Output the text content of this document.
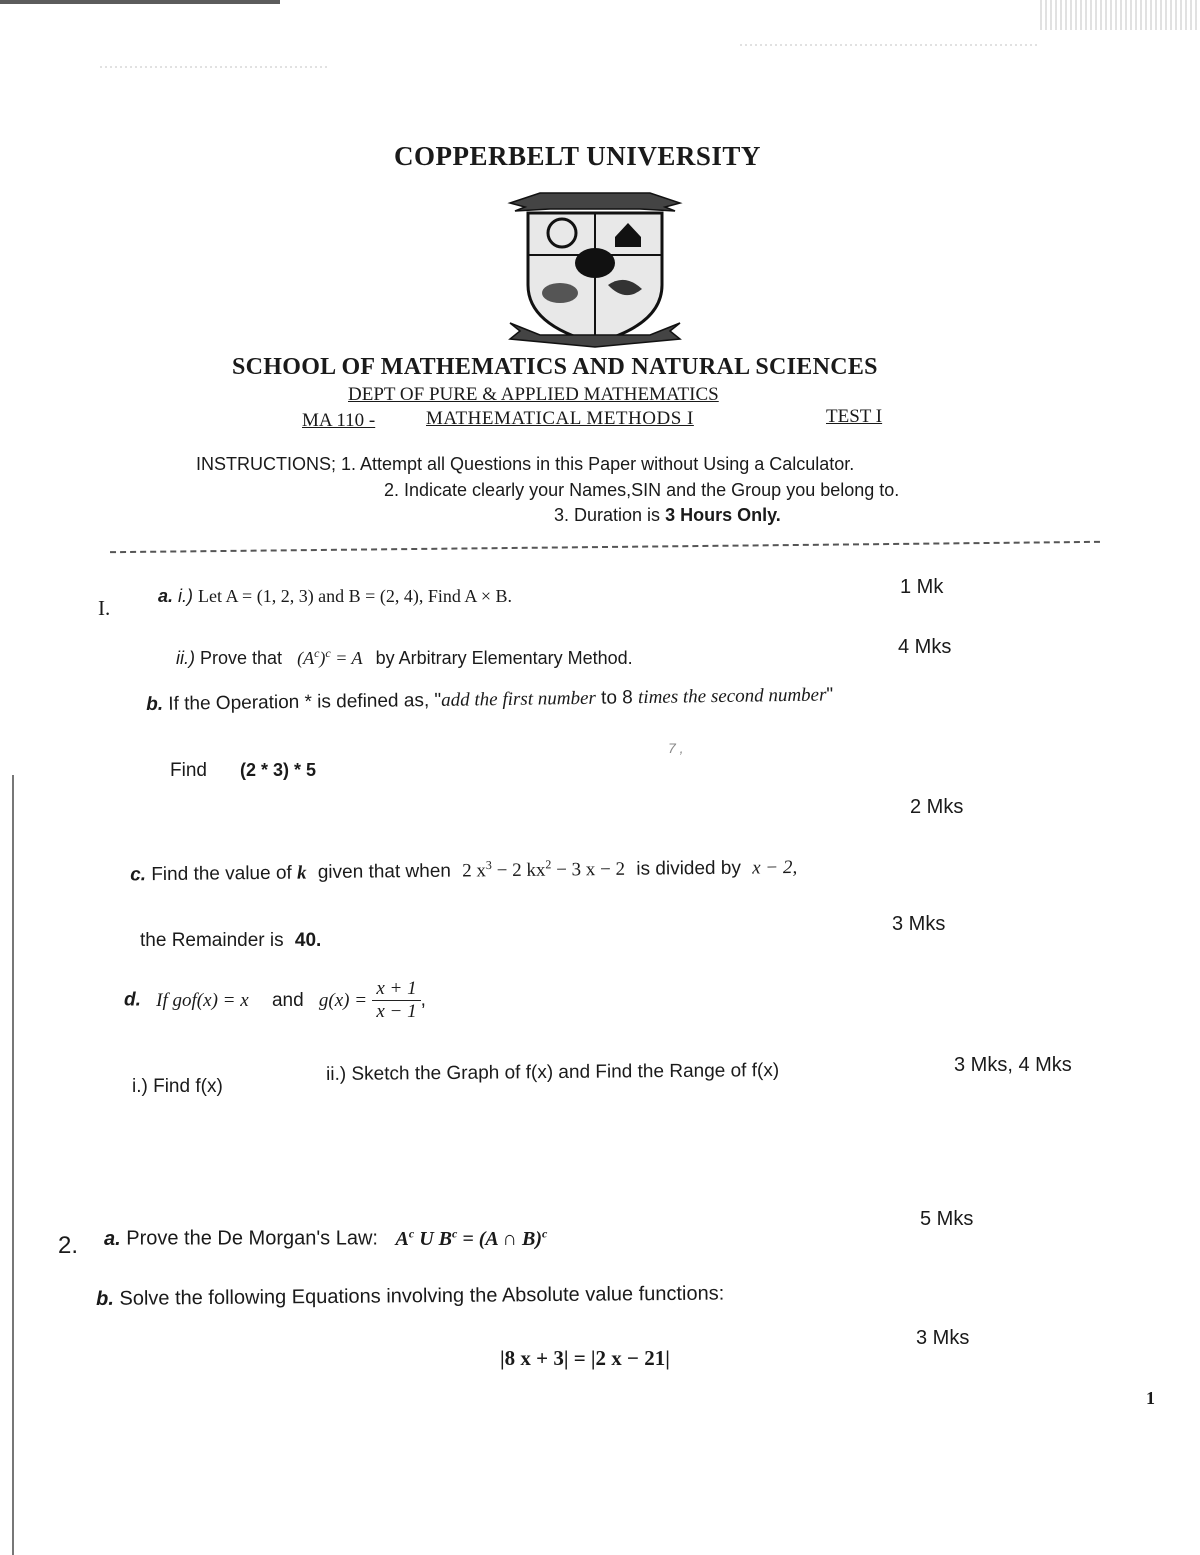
COPPERBELT UNIVERSITY
SCHOOL OF MATHEMATICS AND NATURAL SCIENCES
DEPT OF PURE & APPLIED MATHEMATICS
MA 110 -	MATHEMATICAL METHODS I	TEST I
INSTRUCTIONS; 1. Attempt all Questions in this Paper without Using a Calculator.
2. Indicate clearly your Names,SIN and the Group you belong to.
3. Duration is 3 Hours Only.
I.	a. i.) Let A = (1, 2, 3) and B = (2, 4), Find A × B.	1 Mk
ii.) Prove that $(A^c)^c = A$ by Arbitrary Elementary Method.	4 Mks
b. If the Operation * is defined as, "add the first number to 8 times the second number"
Find (2 * 3) * 5
7 ,
2 Mks
c. Find the value of k given that when 2 $x^3 - 2$ $kx^2 - 3$ x − 2 is divided by x − 2,
the Remainder is 40.
3 Mks
d. If gof(x) = x and $g(x) = \frac{x + 1}{x - 1}$ ,
i.) Find f(x)
ii.) Sketch the Graph of f(x) and Find the Range of f(x)	3 Mks, 4 Mks
2.	a. Prove the De Morgan's Law: $A^c$ U $B^c = (A$ ∩ B)$^c$
5 Mks
b. Solve the following Equations involving the Absolute value functions:
|8 x + 3| = |2 x − 21|
3 Mks
1
